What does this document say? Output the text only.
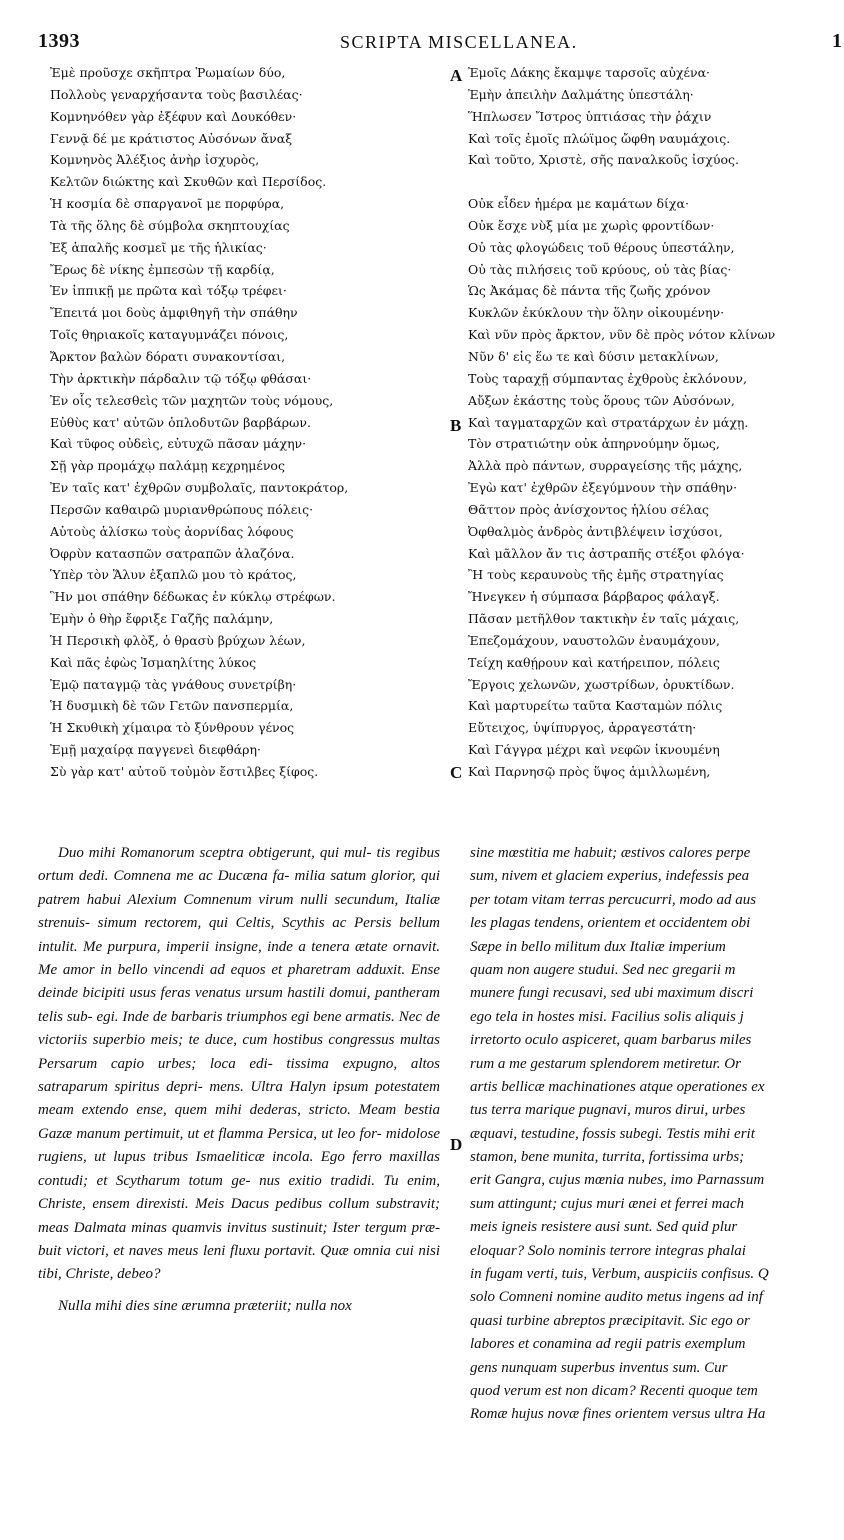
1393	SCRIPTA MISCELLANEA.	1
A
B
C
D
Ἐμὲ προῦσχε σκῆπτρα Ῥωμαίων δύο,
Πολλοὺς γεναρχήσαντα τοὺς βασιλέας·
Κομνηνόθεν γὰρ ἐξέφυν καὶ Δουκόθεν·
Γεννᾷ δέ με κράτιστος Αὐσόνων ἄναξ
Κομνηνὸς Ἀλέξιος ἀνὴρ ἰσχυρὸς,
Κελτῶν διώκτης καὶ Σκυθῶν καὶ Περσίδος.
Ἡ κοσμία δὲ σπαργανοῖ με πορφύρα,
Τὰ τῆς ὅλης δὲ σύμβολα σκηπτουχίας
Ἐξ ἁπαλῆς κοσμεῖ με τῆς ἡλικίας·
Ἔρως δὲ νίκης ἐμπεσὼν τῇ καρδίᾳ,
Ἐν ἱππικῇ με πρῶτα καὶ τόξῳ τρέφει·
Ἔπειτά μοι δοὺς ἀμφιθηγῆ τὴν σπάθην
Τοῖς θηριακοῖς καταγυμνάζει πόνοις,
Ἄρκτον βαλὼν δόρατι συνακοντίσαι,
Τὴν ἀρκτικὴν πάρδαλιν τῷ τόξῳ φθάσαι·
Ἐν οἷς τελεσθεὶς τῶν μαχητῶν τοὺς νόμους,
Εὐθὺς κατ' αὐτῶν ὁπλοδυτῶν βαρβάρων.
Καὶ τῦφος οὐδεὶς, εὐτυχῶ πᾶσαν μάχην·
Σῇ γὰρ προμάχῳ παλάμῃ κεχρημένος
Ἐν ταῖς κατ' ἐχθρῶν συμβολαῖς, παντοκράτορ,
Περσῶν καθαιρῶ μυριανθρώπους πόλεις·
Αὐτοὺς ἁλίσκω τοὺς ἀορνίδας λόφους
Ὀφρὺν κατασπῶν σατραπῶν ἀλαζόνα.
Ὑπὲρ τὸν Ἅλυν ἐξαπλῶ μου τὸ κράτος,
Ἣν μοι σπάθην δέδωκας ἐν κύκλῳ στρέφων.
Ἐμὴν ὁ θὴρ ἔφριξε Γαζῆς παλάμην,
Ἡ Περσικὴ φλὸξ, ὁ θρασὺ βρύχων λέων,
Καὶ πᾶς ἐφὼς Ἰσμαηλίτης λύκος
Ἐμῷ παταγμῷ τὰς γνάθους συνετρίβη·
Ἡ δυσμικὴ δὲ τῶν Γετῶν πανσπερμία,
Ἡ Σκυθικὴ χίμαιρα τὸ ξύνθρουν γένος
Ἐμῇ μαχαίρᾳ παγγενεὶ διεφθάρη·
Σὺ γὰρ κατ' αὐτοῦ τοὐμὸν ἔστιλβες ξίφος.
Ἐμοῖς Δάκης ἔκαμψε ταρσοῖς αὐχένα·
Ἐμὴν ἀπειλὴν Δαλμάτης ὑπεστάλη·
Ἥπλωσεν Ἴστρος ὑπτιάσας τὴν ῥάχιν
Καὶ τοῖς ἐμοῖς πλώϊμος ὤφθη ναυμάχοις.
Καὶ τοῦτο, Χριστὲ, σῆς παναλκοῦς ἰσχύος.
Οὐκ εἶδεν ἡμέρα με καμάτων δίχα·
Οὐκ ἔσχε νὺξ μία με χωρὶς φροντίδων·
Οὐ τὰς φλογώδεις τοῦ θέρους ὑπεστάλην,
Οὐ τὰς πιλήσεις τοῦ κρύους, οὐ τὰς βίας·
Ὡς Ἀκάμας δὲ πάντα τῆς ζωῆς χρόνον
Κυκλῶν ἐκύκλουν τὴν ὅλην οἰκουμένην·
Καὶ νῦν πρὸς ἄρκτον, νῦν δὲ πρὸς νότον κλίνων
Νῦν δ' εἰς ἕω τε καὶ δύσιν μετακλίνων,
Τοὺς ταραχῇ σύμπαντας ἐχθροὺς ἐκλόνουν,
Αὔξων ἑκάστης τοὺς ὅρους τῶν Αὐσόνων,
Καὶ ταγματαρχῶν καὶ στρατάρχων ἐν μάχῃ.
Τὸν στρατιώτην οὐκ ἀπηρνούμην ὅμως,
Ἀλλὰ πρὸ πάντων, συρραγείσης τῆς μάχης,
Ἐγὼ κατ' ἐχθρῶν ἐξεγύμνουν τὴν σπάθην·
Θᾶττον πρὸς ἀνίσχοντος ἡλίου σέλας
Ὀφθαλμὸς ἀνδρὸς ἀντιβλέψειν ἰσχύσοι,
Καὶ μᾶλλον ἄν τις ἀστραπῆς στέξοι φλόγα·
Ἢ τοὺς κεραυνοὺς τῆς ἐμῆς στρατηγίας
Ἤνεγκεν ἡ σύμπασα βάρβαρος φάλαγξ.
Πᾶσαν μετῆλθον τακτικὴν ἐν ταῖς μάχαις,
Ἐπεζομάχουν, ναυστολῶν ἐναυμάχουν,
Τείχη καθῄρουν καὶ κατήρειπον, πόλεις
Ἔργοις χελωνῶν, χωστρίδων, ὀρυκτίδων.
Καὶ μαρτυρείτω ταῦτα Κασταμὼν πόλις
Εὔτειχος, ὑψίπυργος, ἀρραγεστάτη·
Καὶ Γάγγρα μέχρι καὶ νεφῶν ἰκνουμένη
Καὶ Παρνησῷ πρὸς ὕψος ἁμιλλωμένη,

Duo mihi Romanorum sceptra obtigerunt, qui mul- tis regibus ortum dedi. Comnena me ac Ducæna fa- milia satum glorior, qui patrem habui Alexium Comnenum virum nulli secundum, Italiæ strenuis- simum rectorem, qui Celtis, Scythis ac Persis bellum intulit. Me purpura, imperii insigne, inde a tenera ætate ornavit. Me amor in bello vincendi ad equos et pharetram adduxit. Ense deinde bicipiti usus feras venatus ursum hastili domui, pantheram telis sub- egi. Inde de barbaris triumphos egi bene armatis. Nec de victoriis superbio meis; te duce, cum hostibus congressus multas Persarum capio urbes; loca edi- tissima expugno, altos satraparum spiritus depri- mens. Ultra Halyn ipsum potestatem meam extendo ense, quem mihi dederas, stricto. Meam bestia Gazæ manum pertimuit, ut et flamma Persica, ut leo for- midolose rugiens, ut lupus tribus Ismaeliticæ incola. Ego ferro maxillas contudi; et Scytharum totum ge- nus exitio tradidi. Tu enim, Christe, ensem direxisti. Meis Dacus pedibus collum substravit; meas Dalmata minas quamvis invitus sustinuit; Ister tergum præ- buit victori, et naves meus leni fluxu portavit. Quæ omnia cui nisi tibi, Christe, debeo?

Nulla mihi dies sine ærumna præteriit; nulla nox

sine mœstitia me habuit; æstivos calores perpe
sum, nivem et glaciem experius, indefessis pea
per totam vitam terras percucurri, modo ad aus
les plagas tendens, orientem et occidentem obi
Sæpe in bello militum dux Italiæ imperium
quam non augere studui. Sed nec gregarii m
munere fungi recusavi, sed ubi maximum discri
ego tela in hostes misi. Facilius solis aliquis j
irretorto oculo aspiceret, quam barbarus miles
rum a me gestarum splendorem metiretur. Or
artis bellicæ machinationes atque operationes ex
tus terra marique pugnavi, muros dirui, urbes
æquavi, testudine, fossis subegi. Testis mihi erit
stamon, bene munita, turrita, fortissima urbs;
erit Gangra, cujus mœnia nubes, imo Parnassum
sum attingunt; cujus muri ænei et ferrei mach
meis igneis resistere ausi sunt. Sed quid plur
eloquar? Solo nominis terrore integras phalai
in fugam verti, tuis, Verbum, auspiciis confisus. Q
solo Comneni nomine audito metus ingens ad inf
quasi turbine abreptos præcipitavit. Sic ego or
labores et conamina ad regii patris exemplum
gens nunquam superbus inventus sum. Cur
quod verum est non dicam? Recenti quoque tem
Romæ hujus novæ fines orientem versus ultra Ha
